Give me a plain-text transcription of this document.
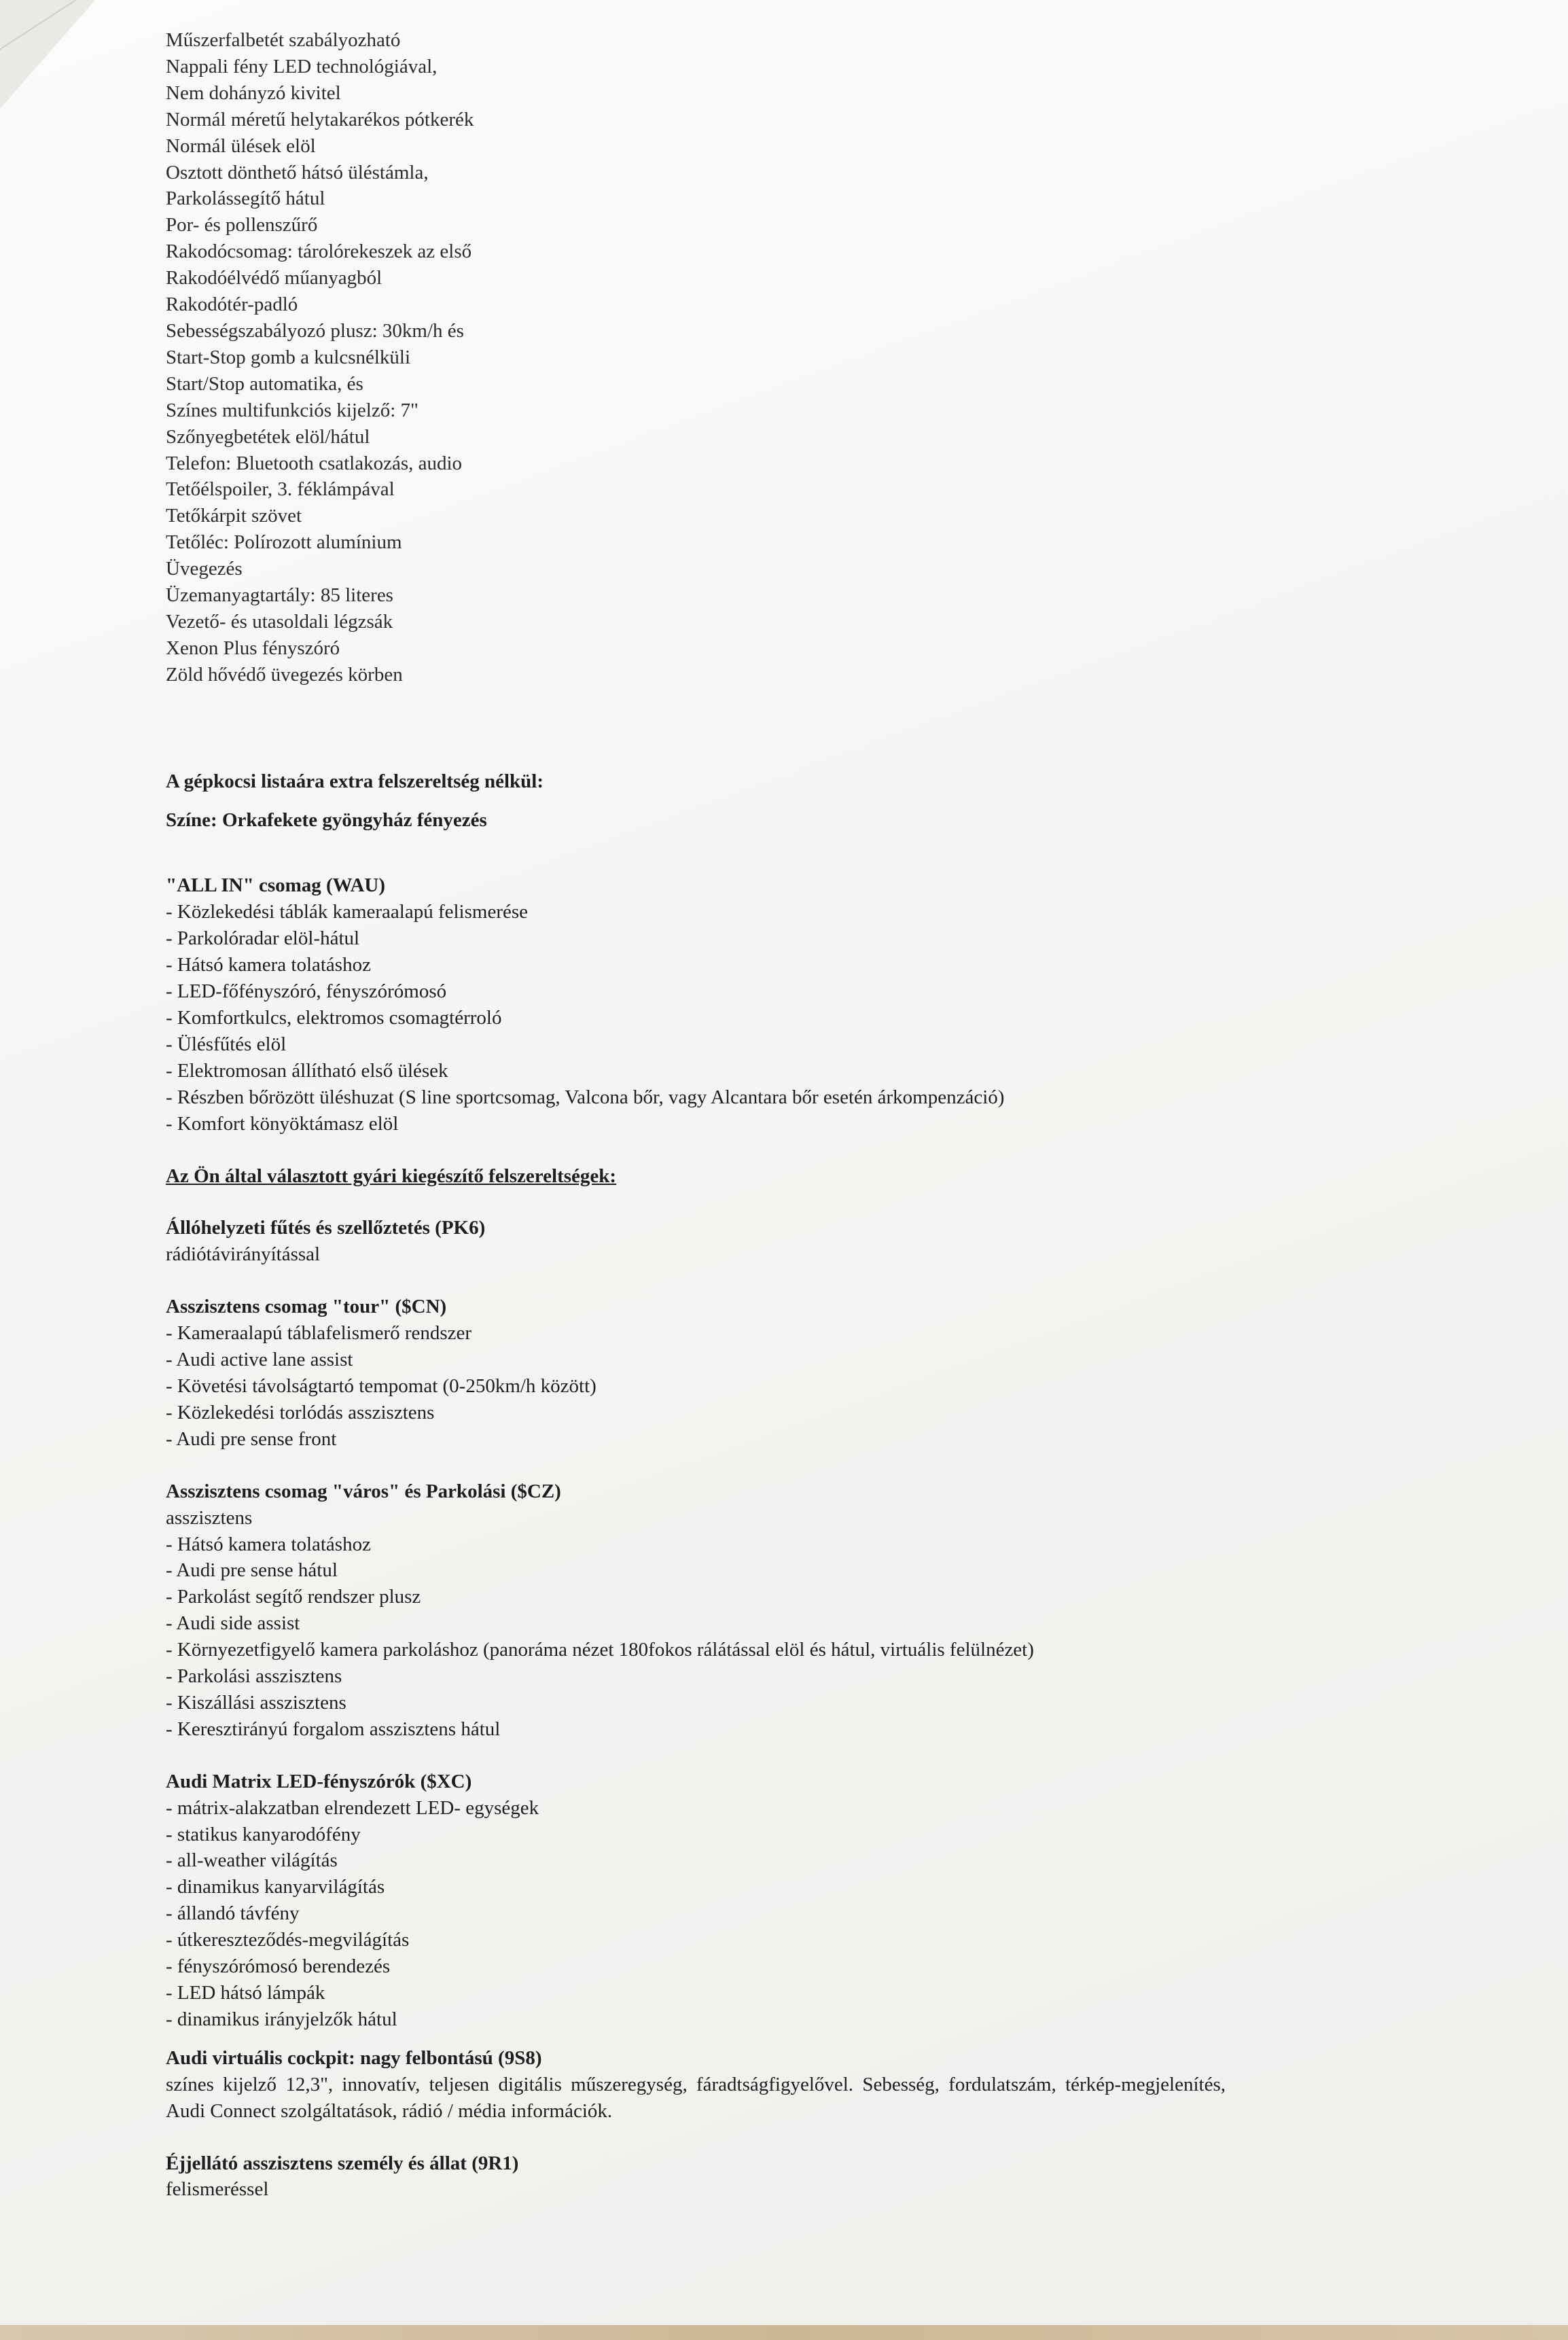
Műszerfalbetét szabályozható

Nappali fény LED technológiával,

Nem dohányzó kivitel

Normál méretű helytakarékos pótkerék

Normál ülések elöl

Osztott dönthető hátsó üléstámla,

Parkolássegítő hátul

Por- és pollenszűrő

Rakodócsomag: tárolórekeszek az első

Rakodóélvédő műanyagból

Rakodótér-padló

Sebességszabályozó plusz: 30km/h és

Start-Stop gomb a kulcsnélküli

Start/Stop automatika, és

Színes multifunkciós kijelző: 7"

Szőnyegbetétek elöl/hátul

Telefon: Bluetooth csatlakozás, audio

Tetőélspoiler, 3. féklámpával

Tetőkárpit szövet

Tetőléc: Polírozott alumínium

Üvegezés

Üzemanyagtartály: 85 literes

Vezető- és utasoldali légzsák

Xenon Plus fényszóró

Zöld hővédő üvegezés körben

A gépkocsi listaára extra felszereltség nélkül:

Színe: Orkafekete gyöngyház fényezés

"ALL IN" csomag (WAU)

- Közlekedési táblák kameraalapú felismerése

- Parkolóradar elöl-hátul

- Hátsó kamera tolatáshoz

- LED-főfényszóró, fényszórómosó

- Komfortkulcs, elektromos csomagtérroló

- Ülésfűtés elöl

- Elektromosan állítható első ülések

- Részben bőrözött üléshuzat (S line sportcsomag, Valcona bőr, vagy Alcantara bőr esetén árkompenzáció)

- Komfort könyöktámasz elöl

Az Ön által választott gyári kiegészítő felszereltségek:

Állóhelyzeti fűtés és szellőztetés (PK6)

rádiótávirányítással

Asszisztens csomag "tour" ($CN)

- Kameraalapú táblafelismerő rendszer

- Audi active lane assist

- Követési távolságtartó tempomat (0-250km/h között)

- Közlekedési torlódás asszisztens

- Audi pre sense front

Asszisztens csomag "város" és Parkolási ($CZ)

asszisztens

- Hátsó kamera tolatáshoz

- Audi pre sense hátul

- Parkolást segítő rendszer plusz

- Audi side assist

- Környezetfigyelő kamera parkoláshoz (panoráma nézet 180fokos rálátással elöl és hátul, virtuális felülnézet)

- Parkolási asszisztens

- Kiszállási asszisztens

- Keresztirányú forgalom asszisztens hátul

Audi Matrix LED-fényszórók ($XC)

- mátrix-alakzatban elrendezett LED- egységek

- statikus kanyarodófény

- all-weather világítás

- dinamikus kanyarvilágítás

- állandó távfény

- útkereszteződés-megvilágítás

- fényszórómosó berendezés

- LED hátsó lámpák

- dinamikus irányjelzők hátul

Audi virtuális cockpit: nagy felbontású (9S8)

színes kijelző 12,3", innovatív, teljesen digitális műszeregység, fáradtságfigyelővel. Sebesség, fordulatszám, térkép-megjelenítés, Audi Connect szolgáltatások, rádió / média információk.

Éjjellátó asszisztens személy és állat (9R1)

felismeréssel
